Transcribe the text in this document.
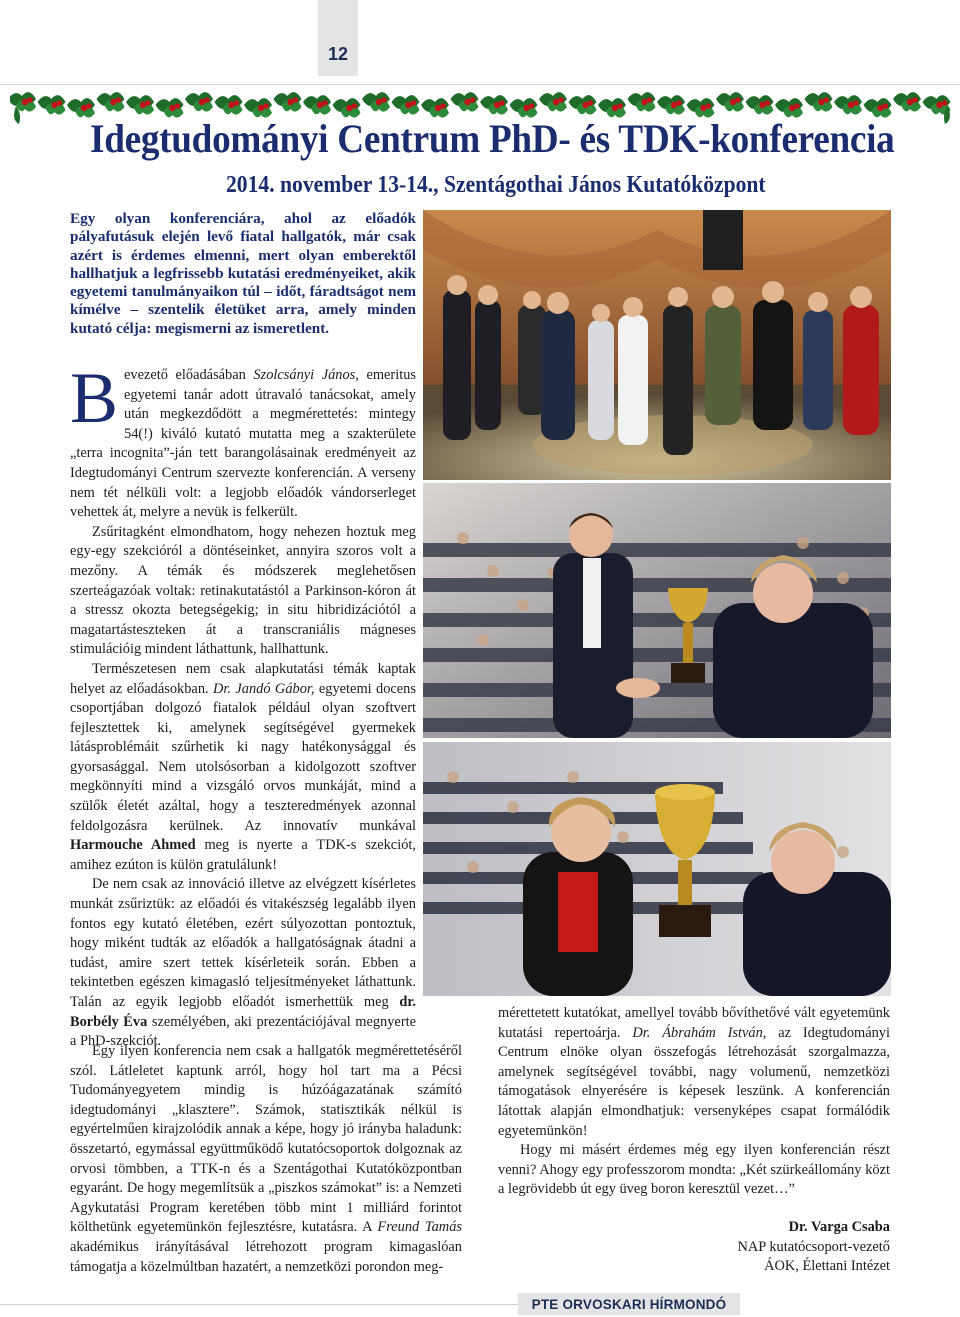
12
Idegtudományi Centrum PhD- és TDK-konferencia
2014. november 13-14., Szentágothai János Kutatóközpont

Egy olyan konferenciára, ahol az előadók pályafutásuk elején levő fiatal hallgatók, már csak azért is érdemes elmenni, mert olyan emberektől hallhatjuk a legfrissebb kutatási eredményeiket, akik egyetemi tanulmányaikon túl – időt, fáradtságot nem kímélve – szentelik életüket arra, amely minden kutató célja: megismerni az ismeretlent.

Bevezető előadásában Szolcsányi János, emeritus egyetemi tanár adott útravaló tanácsokat, amely után megkezdődött a megmérettetés: mintegy 54(!) kiváló kutató mutatta meg a szakterülete „terra incognita”-ján tett barangolásainak eredményeit az Idegtudományi Centrum szervezte konferencián. A verseny nem tét nélküli volt: a legjobb előadók vándorserleget vehettek át, melyre a nevük is felkerült.

Zsűritagként elmondhatom, hogy nehezen hoztuk meg egy-egy szekcióról a döntéseinket, annyira szoros volt a mezőny. A témák és módszerek meglehetősen szerteágazóak voltak: retinakutatástól a Parkinson-kóron át a stressz okozta betegségekig; in situ hibridizációtól a magatartásteszteken át a transcraniális mágneses stimulációig mindent láthattunk, hallhattunk.

Természetesen nem csak alapkutatási témák kaptak helyet az előadásokban. Dr. Jandó Gábor, egyetemi docens csoportjában dolgozó fiatalok például olyan szoftvert fejlesztettek ki, amelynek segítségével gyermekek látásproblémáit szűrhetik ki nagy hatékonysággal és gyorsasággal. Nem utolsósorban a kidolgozott szoftver megkönnyíti mind a vizsgáló orvos munkáját, mind a szülők életét azáltal, hogy a teszteredmények azonnal feldolgozásra kerülnek. Az innovatív munkával Harmouche Ahmed meg is nyerte a TDK-s szekciót, amihez ezúton is külön gratulálunk!

De nem csak az innováció illetve az elvégzett kísérletes munkát zsűriztük: az előadói és vitakészség legalább ilyen fontos egy kutató életében, ezért súlyozottan pontoztuk, hogy miként tudták az előadók a hallgatóságnak átadni a tudást, amire szert tettek kísérleteik során. Ebben a tekintetben egészen kimagasló teljesítményeket láthattunk. Talán az egyik legjobb előadót ismerhettük meg dr. Borbély Éva személyében, aki prezentációjával megnyerte a PhD-szekciót.

Egy ilyen konferencia nem csak a hallgatók megmérettetéséről szól. Látleletet kaptunk arról, hogy hol tart ma a Pécsi Tudományegyetem mindig is húzóágazatának számító idegtudományi „klasztere”. Számok, statisztikák nélkül is egyértelműen kirajzolódik annak a képe, hogy jó irányba haladunk: összetartó, egymással együttműködő kutatócsoportok dolgoznak az orvosi tömbben, a TTK-n és a Szentágothai Kutatóközpontban egyaránt. De hogy megemlítsük a „piszkos számokat” is: a Nemzeti Agykutatási Program keretében több mint 1 milliárd forintot költhetünk egyetemünkön fejlesztésre, kutatásra. A Freund Tamás akadémikus irányításával létrehozott program kimagaslóan támogatja a közelmúltban hazatért, a nemzetközi porondon meg-

mérettetett kutatókat, amellyel tovább bővíthetővé vált egyetemünk kutatási repertoárja. Dr. Ábrahám István, az Idegtudományi Centrum elnöke olyan összefogás létrehozását szorgalmazza, amelynek segítségével további, nagy volumenű, nemzetközi támogatások elnyerésére is képesek leszünk. A konferencián látottak alapján elmondhatjuk: versenyképes csapat formálódik egyetemünkön!

Hogy mi másért érdemes még egy ilyen konferencián részt venni? Ahogy egy professzorom mondta: „Két szürkeállomány közt a legrövidebb út egy üveg boron keresztül vezet…”

Dr. Varga Csaba
NAP kutatócsoport-vezető
ÁOK, Élettani Intézet
PTE ORVOSKARI HÍRMONDÓ
